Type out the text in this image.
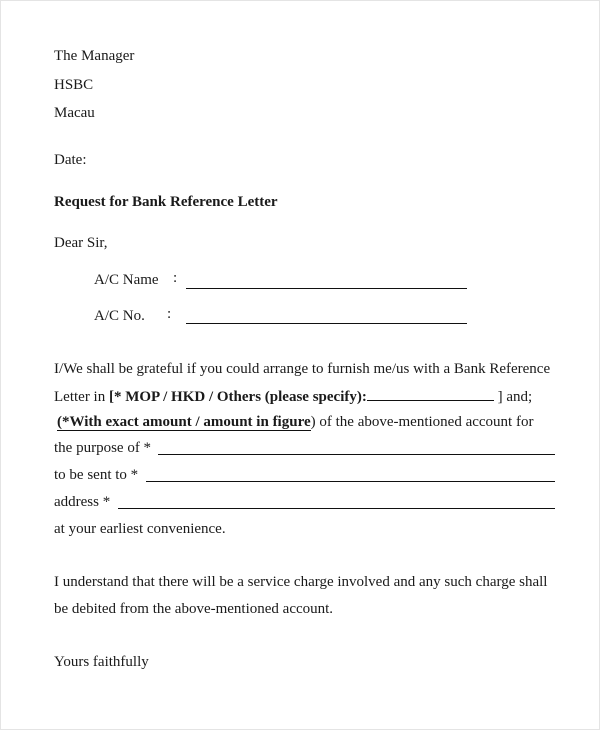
The Manager
HSBC
Macau
Date:
Request for Bank Reference Letter
Dear Sir,
A/C Name :
A/C No. :
I/We shall be grateful if you could arrange to furnish me/us with a Bank Reference
Letter in [* MOP / HKD / Others (please specify):	] and;
(*With exact amount / amount in figure) of the above-mentioned account for
the purpose of *
to be sent to *
address *
at your earliest convenience.
I understand that there will be a service charge involved and any such charge shall
be debited from the above-mentioned account.
Yours faithfully
